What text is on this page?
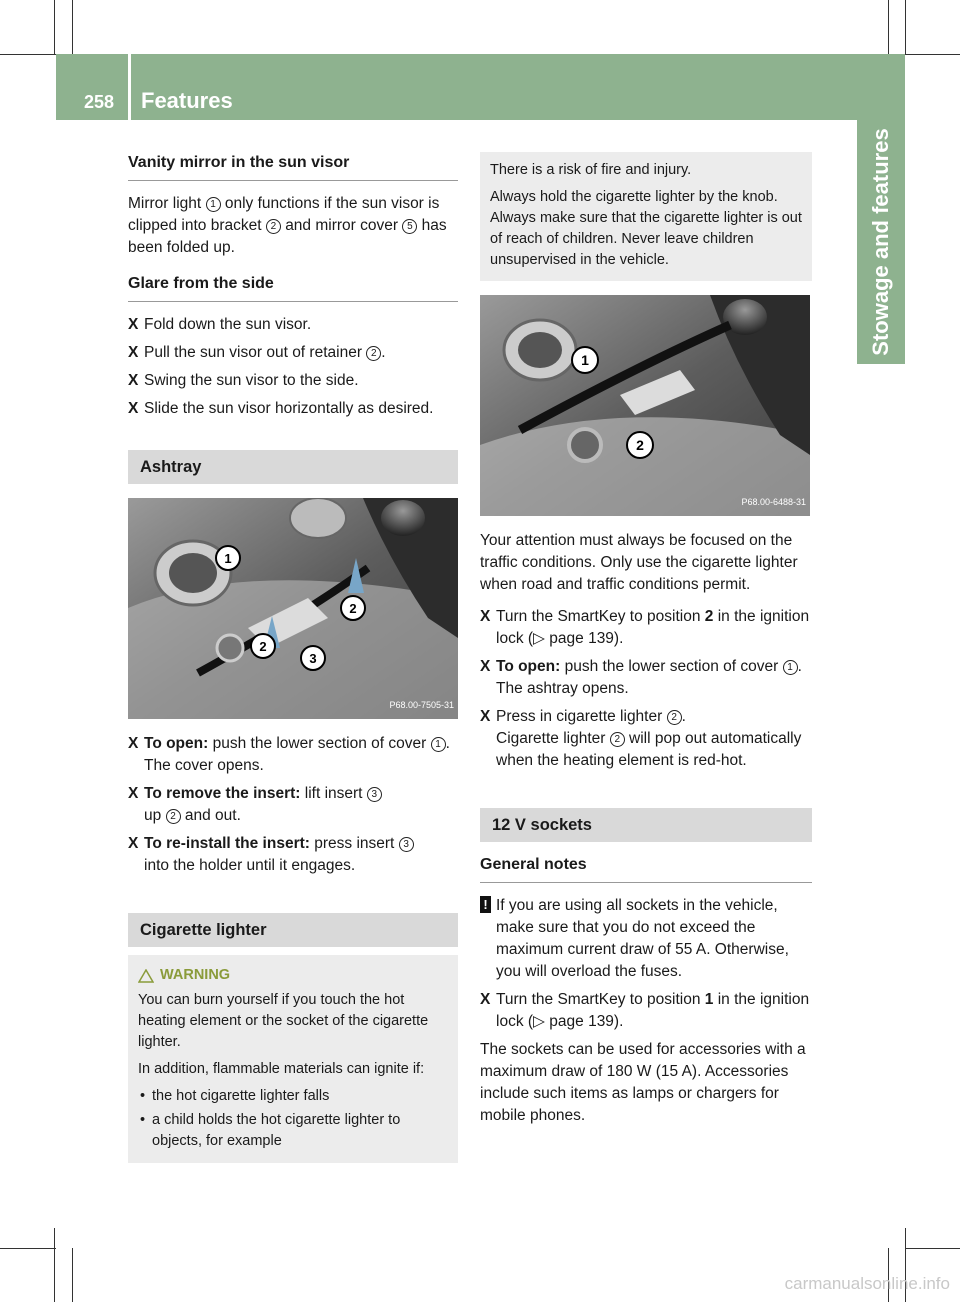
258 Features
Stowage and features
Vanity mirror in the sun visor
Mirror light 1 only functions if the sun visor is clipped into bracket 2 and mirror cover 5 has been folded up.
Glare from the side
X Fold down the sun visor.
X Pull the sun visor out of retainer 2 .
X Swing the sun visor to the side.
X Slide the sun visor horizontally as desired.
Ashtray
1
2
2
3
P68.00-7505-31
X To open: push the lower section of cover 1 .
The cover opens.
X To remove the insert: lift insert 3
up 2 and out.
X To re-install the insert: press insert 3
into the holder until it engages.
Cigarette lighter
WARNING

You can burn yourself if you touch the hot heating element or the socket of the cigarette lighter.

In addition, flammable materials can ignite if:

• the hot cigarette lighter falls
• a child holds the hot cigarette lighter to objects, for example

There is a risk of fire and injury.

Always hold the cigarette lighter by the knob. Always make sure that the cigarette lighter is out of reach of children. Never leave children unsupervised in the vehicle.

1
2
P68.00-6488-31

Your attention must always be focused on the traffic conditions. Only use the cigarette lighter when road and traffic conditions permit.

X Turn the SmartKey to position 2 in the ignition lock (▷ page 139).
X To open: push the lower section of cover 1 .
The ashtray opens.
X Press in cigarette lighter 2 .
Cigarette lighter 2 will pop out automatically when the heating element is red-hot.
12 V sockets
General notes
! If you are using all sockets in the vehicle, make sure that you do not exceed the maximum current draw of 55 A. Otherwise, you will overload the fuses.
X Turn the SmartKey to position 1 in the ignition lock (▷ page 139).

The sockets can be used for accessories with a maximum draw of 180 W (15 A). Accessories include such items as lamps or chargers for mobile phones.

carmanualsonline.info
